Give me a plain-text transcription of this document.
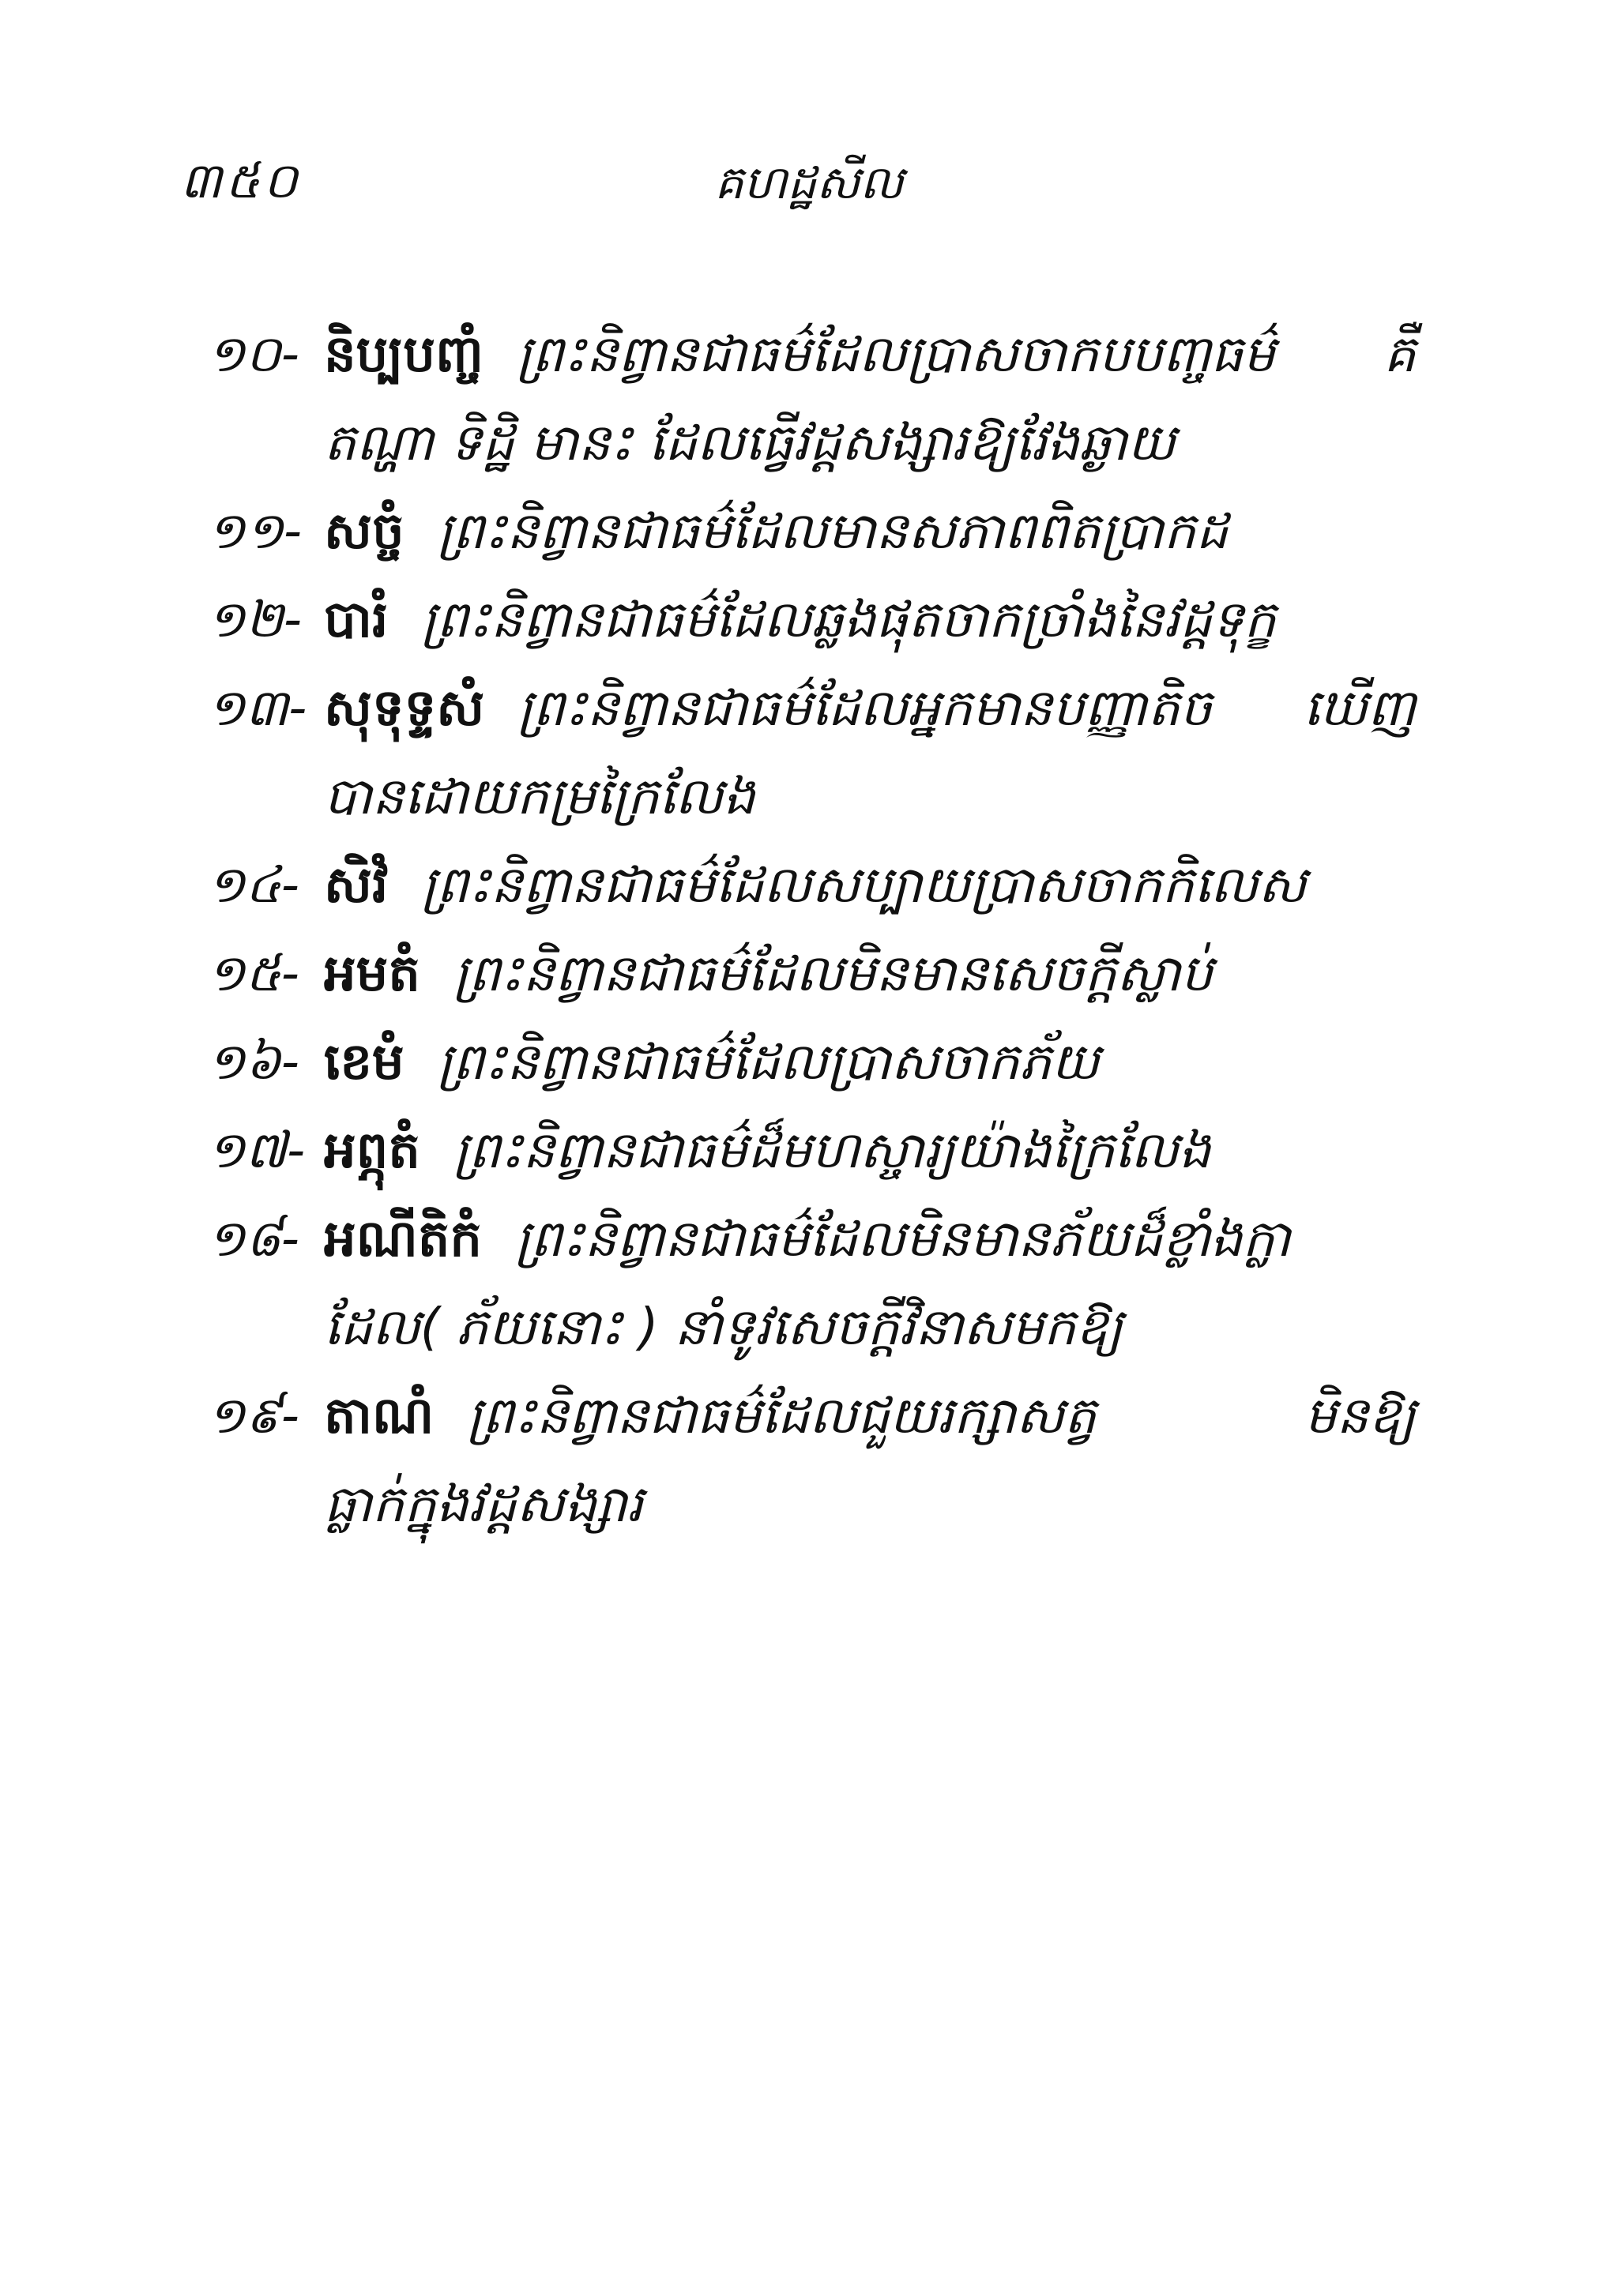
៣៥០	គហដ្ឋសីល
១០- និប្បបញ្ចំ ព្រះនិព្វានជាធម៌ដែលប្រាសចាកបបញ្ចធម៌ គឺ
តណ្ហា ទិដ្ឋិ មានះ ដែលធ្វើវដ្តសង្សារឱ្យវែងឆ្ងាយ
១១- សច្ចំ ព្រះនិព្វានជាធម៌ដែលមានសភាពពិតប្រាកដ
១២- បារំ ព្រះនិព្វានជាធម៌ដែលឆ្លងផុតចាកច្រាំងនៃវដ្តទុក្ខ
១៣- សុទុទ្ទសំ ព្រះនិព្វានជាធម៌ដែលអ្នកមានបញ្ញាតិច ឃើញ
បានដោយកម្រក្រៃលែង
១៤- សិវំ ព្រះនិព្វានជាធម៌ដែលសប្បាយប្រាសចាកកិលេស
១៥- អមតំ ព្រះនិព្វានជាធម៌ដែលមិនមានសេចក្ដីស្លាប់
១៦- ខេមំ ព្រះនិព្វានជាធម៌ដែលប្រាសចាកភ័យ
១៧- អព្ភុតំ ព្រះនិព្វានជាធម៌ដ៏មហស្ចារ្យយ៉ាងក្រៃលែង
១៨- អណីតិកំ ព្រះនិព្វានជាធម៌ដែលមិនមានភ័យដ៏ខ្លាំងក្លា
ដែល( ភ័យនោះ ) នាំទូវសេចក្ដីវិនាសមកឱ្យ
១៩- តាណំ ព្រះនិព្វានជាធម៌ដែលជួយរក្សាសត្វ	មិនឱ្យ
ធ្លាក់ក្នុងវដ្តសង្សារ
